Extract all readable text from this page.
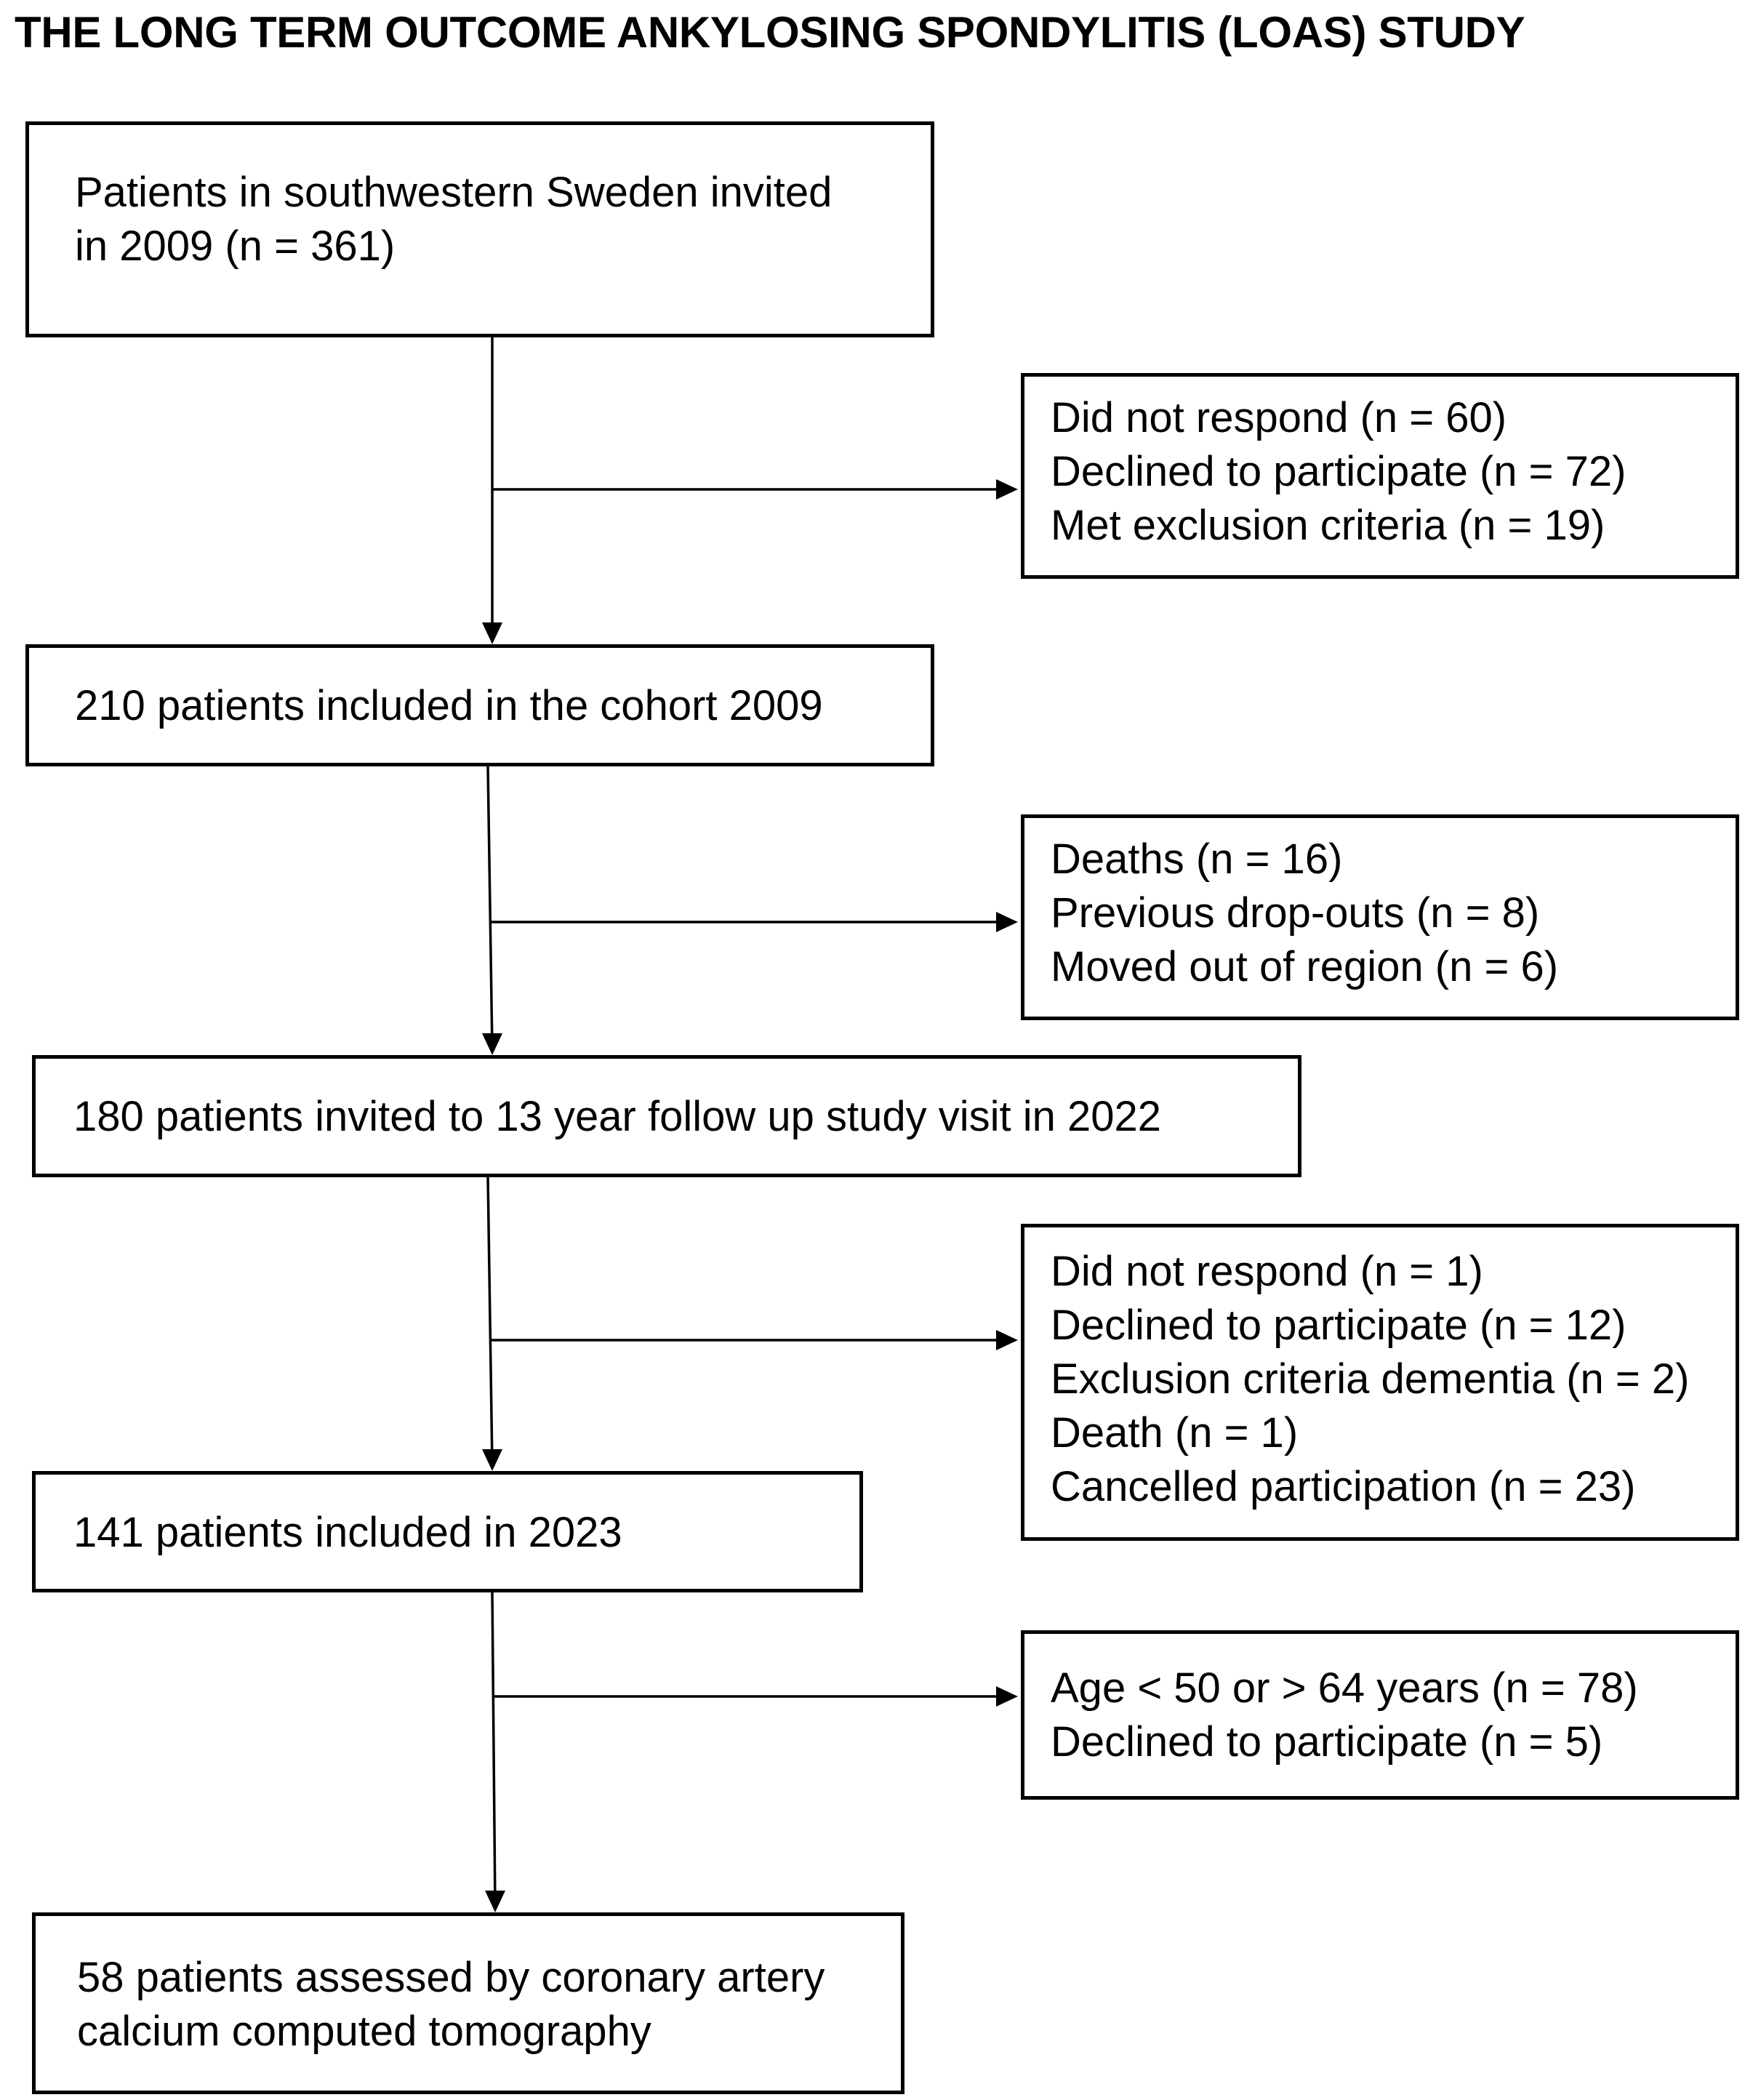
THE LONG TERM OUTCOME ANKYLOSING SPONDYLITIS (LOAS) STUDY
Patients in southwestern Sweden invited
in 2009 (n = 361)
210 patients included in the cohort 2009
180 patients invited to 13 year follow up study visit in 2022
141 patients included in 2023
58 patients assessed by coronary artery
calcium computed tomography
Did not respond (n = 60)
Declined to participate (n = 72)
Met exclusion criteria (n = 19)
Deaths (n = 16)
Previous drop-outs (n = 8)
Moved out of region (n = 6)
Did not respond (n = 1)
Declined to participate (n = 12)
Exclusion criteria dementia (n = 2)
Death (n = 1)
Cancelled participation (n = 23)
Age < 50 or > 64 years (n = 78)
Declined to participate (n = 5)
